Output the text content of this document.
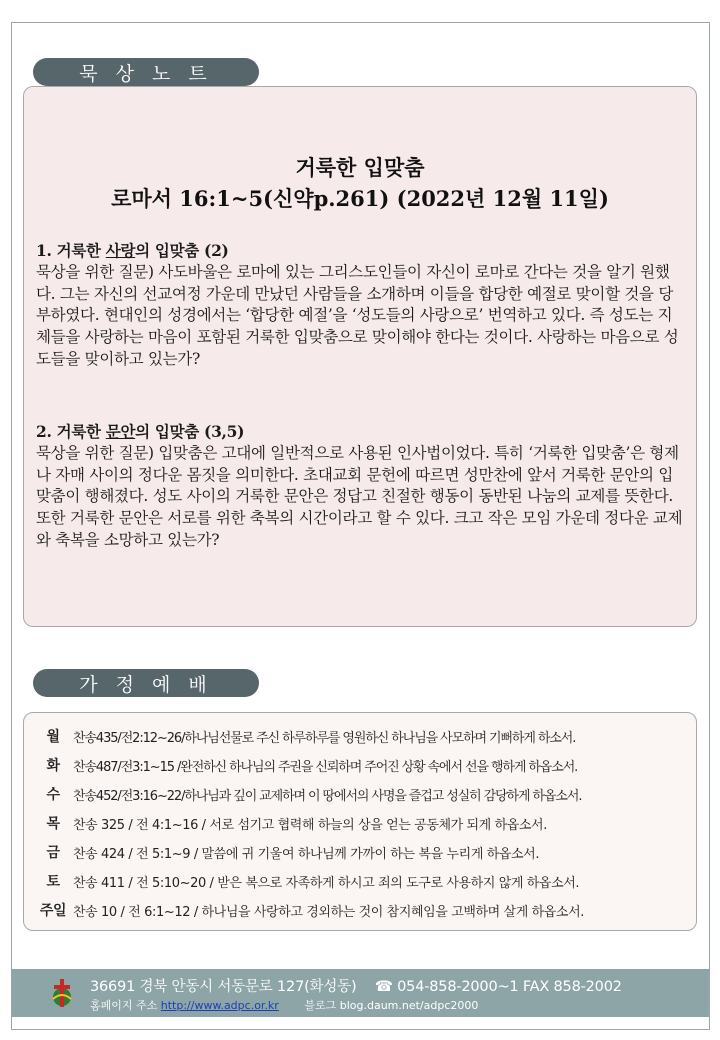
묵 상 노 트
거룩한 입맞춤
로마서 16:1~5(신약p.261) (2022년 12월 11일)
1. 거룩한 사랑의 입맞춤 (2)
묵상을 위한 질문) 사도바울은 로마에 있는 그리스도인들이 자신이 로마로 간다는 것을 알기 원했다. 그는 자신의 선교여정 가운데 만났던 사람들을 소개하며 이들을 합당한 예절로 맞이할 것을 당부하였다. 현대인의 성경에서는 ‘합당한 예절’을 ‘성도들의 사랑으로’ 번역하고 있다. 즉 성도는 지체들을 사랑하는 마음이 포함된 거룩한 입맞춤으로 맞이해야 한다는 것이다. 사랑하는 마음으로 성도들을 맞이하고 있는가?
2. 거룩한 문안의 입맞춤 (3,5)
묵상을 위한 질문) 입맞춤은 고대에 일반적으로 사용된 인사법이었다. 특히 ‘거룩한 입맞춤’은 형제나 자매 사이의 정다운 몸짓을 의미한다. 초대교회 문헌에 따르면 성만찬에 앞서 거룩한 문안의 입맞춤이 행해졌다. 성도 사이의 거룩한 문안은 정답고 친절한 행동이 동반된 나눔의 교제를 뜻한다. 또한 거룩한 문안은 서로를 위한 축복의 시간이라고 할 수 있다. 크고 작은 모임 가운데 정다운 교제와 축복을 소망하고 있는가?
가 정 예 배
월	찬송435/전2:12~26/하나님선물로 주신 하루하루를 영원하신 하나님을 사모하며 기뻐하게 하소서.
화	찬송487/전3:1~15 /완전하신 하나님의 주권을 신뢰하며 주어진 상황 속에서 선을 행하게 하옵소서.
수	찬송452/전3:16~22/하나님과 깊이 교제하며 이 땅에서의 사명을 즐겁고 성실히 감당하게 하옵소서.
목	찬송 325 / 전 4:1~16 / 서로 섬기고 협력해 하늘의 상을 얻는 공동체가 되게 하옵소서.
금	찬송 424 / 전 5:1~9 / 말씀에 귀 기울여 하나님께 가까이 하는 복을 누리게 하옵소서.
토	찬송 411 / 전 5:10~20 / 받은 복으로 자족하게 하시고 죄의 도구로 사용하지 않게 하옵소서.
주일 찬송 10 / 전 6:1~12 / 하나님을 사랑하고 경외하는 것이 참지혜임을 고백하며 살게 하옵소서.
36691 경북 안동시 서동문로 127(화성동) ☎ 054-858-2000~1 FAX 858-2002
홈페이지 주소 http://www.adpc.or.kr 블로그 blog.daum.net/adpc2000
